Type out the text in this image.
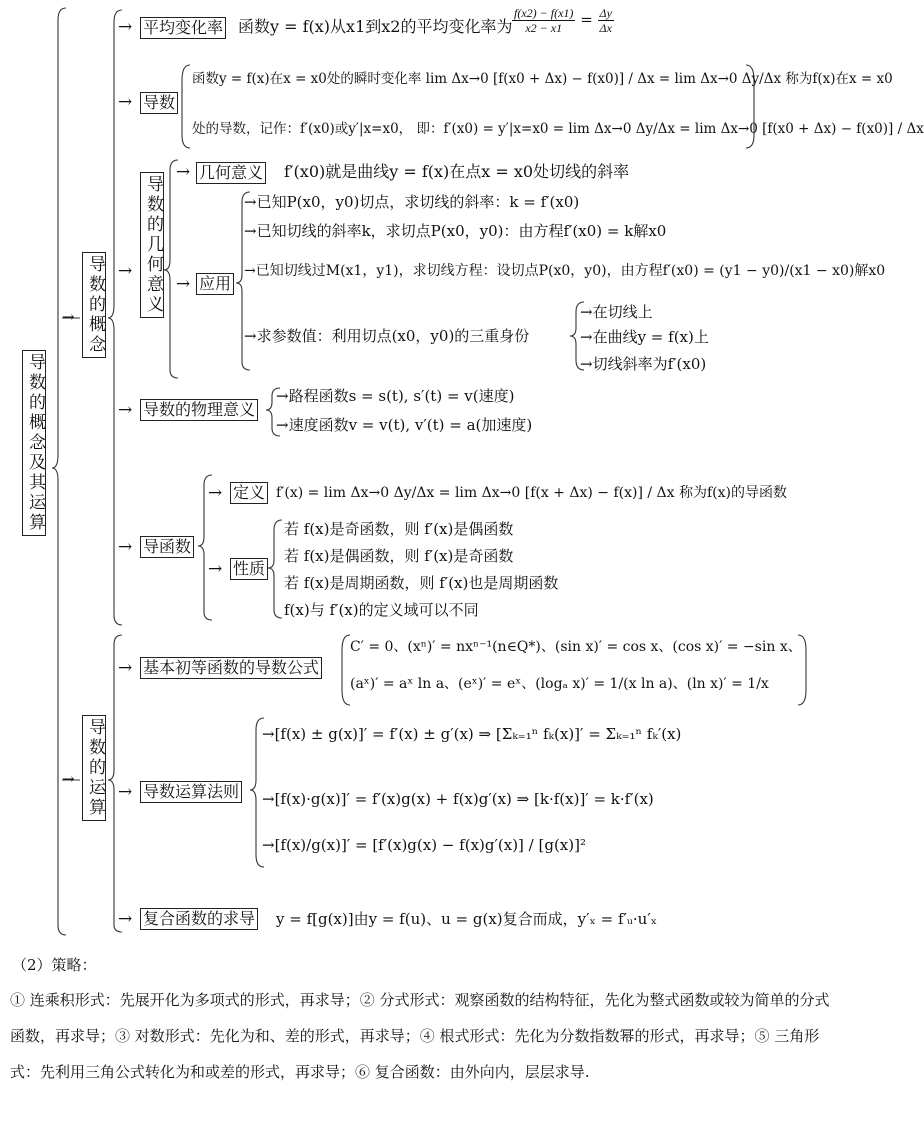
导数的概念及其运算
→ 导数的概念
→ 导数的运算
→ 平均变化率 函数y = f(x)从x1到x2的平均变化率为 $\frac{f(x2) - f(x1)}{x2 - x1} = \frac{\Delta y}{\Delta x}$
→ 导数
函数y = f(x)在x = x0处的瞬时变化率 lim Δx→0 [f(x0 + Δx) − f(x0)] / Δx = lim Δx→0 Δy/Δx 称为f(x)在x = x0
处的导数，记作：f′(x0)或y′|x=x0， 即：f′(x0) = y′|x=x0 = lim Δx→0 Δy/Δx = lim Δx→0 [f(x0 + Δx) − f(x0)] / Δx
→ 导数的几何意义
→ 几何意义 f′(x0)就是曲线y = f(x)在点x = x0处切线的斜率
→ 应用
→已知P(x0，y0)切点，求切线的斜率：k = f′(x0)
→已知切线的斜率k，求切点P(x0，y0)：由方程f′(x0) = k解x0
→已知切线过M(x1，y1)，求切线方程：设切点P(x0，y0)，由方程f′(x0) = (y1 − y0)/(x1 − x0)解x0
→求参数值：利用切点(x0，y0)的三重身份
→在切线上
→在曲线y = f(x)上
→切线斜率为f′(x0)
→ 导数的物理意义
→路程函数s = s(t), s′(t) = v(速度)
→速度函数v = v(t), v′(t) = a(加速度)
→ 导函数
→ 定义 f′(x) = lim Δx→0 Δy/Δx = lim Δx→0 [f(x + Δx) − f(x)] / Δx 称为f(x)的导函数
→ 性质
若 f(x)是奇函数，则 f′(x)是偶函数
若 f(x)是偶函数，则 f′(x)是奇函数
若 f(x)是周期函数，则 f′(x)也是周期函数
f(x)与 f′(x)的定义域可以不同
→ 基本初等函数的导数公式
C′ = 0、(xⁿ)′ = nxⁿ⁻¹(n∈Q*)、(sin x)′ = cos x、(cos x)′ = −sin x、
(aˣ)′ = aˣ ln a、(eˣ)′ = eˣ、(logₐ x)′ = 1/(x ln a)、(ln x)′ = 1/x
→ 导数运算法则
→[f(x) ± g(x)]′ = f′(x) ± g′(x) ⇒ [Σₖ₌₁ⁿ fₖ(x)]′ = Σₖ₌₁ⁿ fₖ′(x)
→[f(x)·g(x)]′ = f′(x)g(x) + f(x)g′(x) ⇒ [k·f(x)]′ = k·f′(x)
→[f(x)/g(x)]′ = [f′(x)g(x) − f(x)g′(x)] / [g(x)]²
→ 复合函数的求导 y = f[g(x)]由y = f(u)、u = g(x)复合而成，y′ₓ = f′ᵤ·u′ₓ
（2）策略：
① 连乘积形式：先展开化为多项式的形式，再求导；② 分式形式：观察函数的结构特征，先化为整式函数或较为简单的分式函数，再求导；③ 对数形式：先化为和、差的形式，再求导；④ 根式形式：先化为分数指数幂的形式，再求导；⑤ 三角形式：先利用三角公式转化为和或差的形式，再求导；⑥ 复合函数：由外向内，层层求导.
